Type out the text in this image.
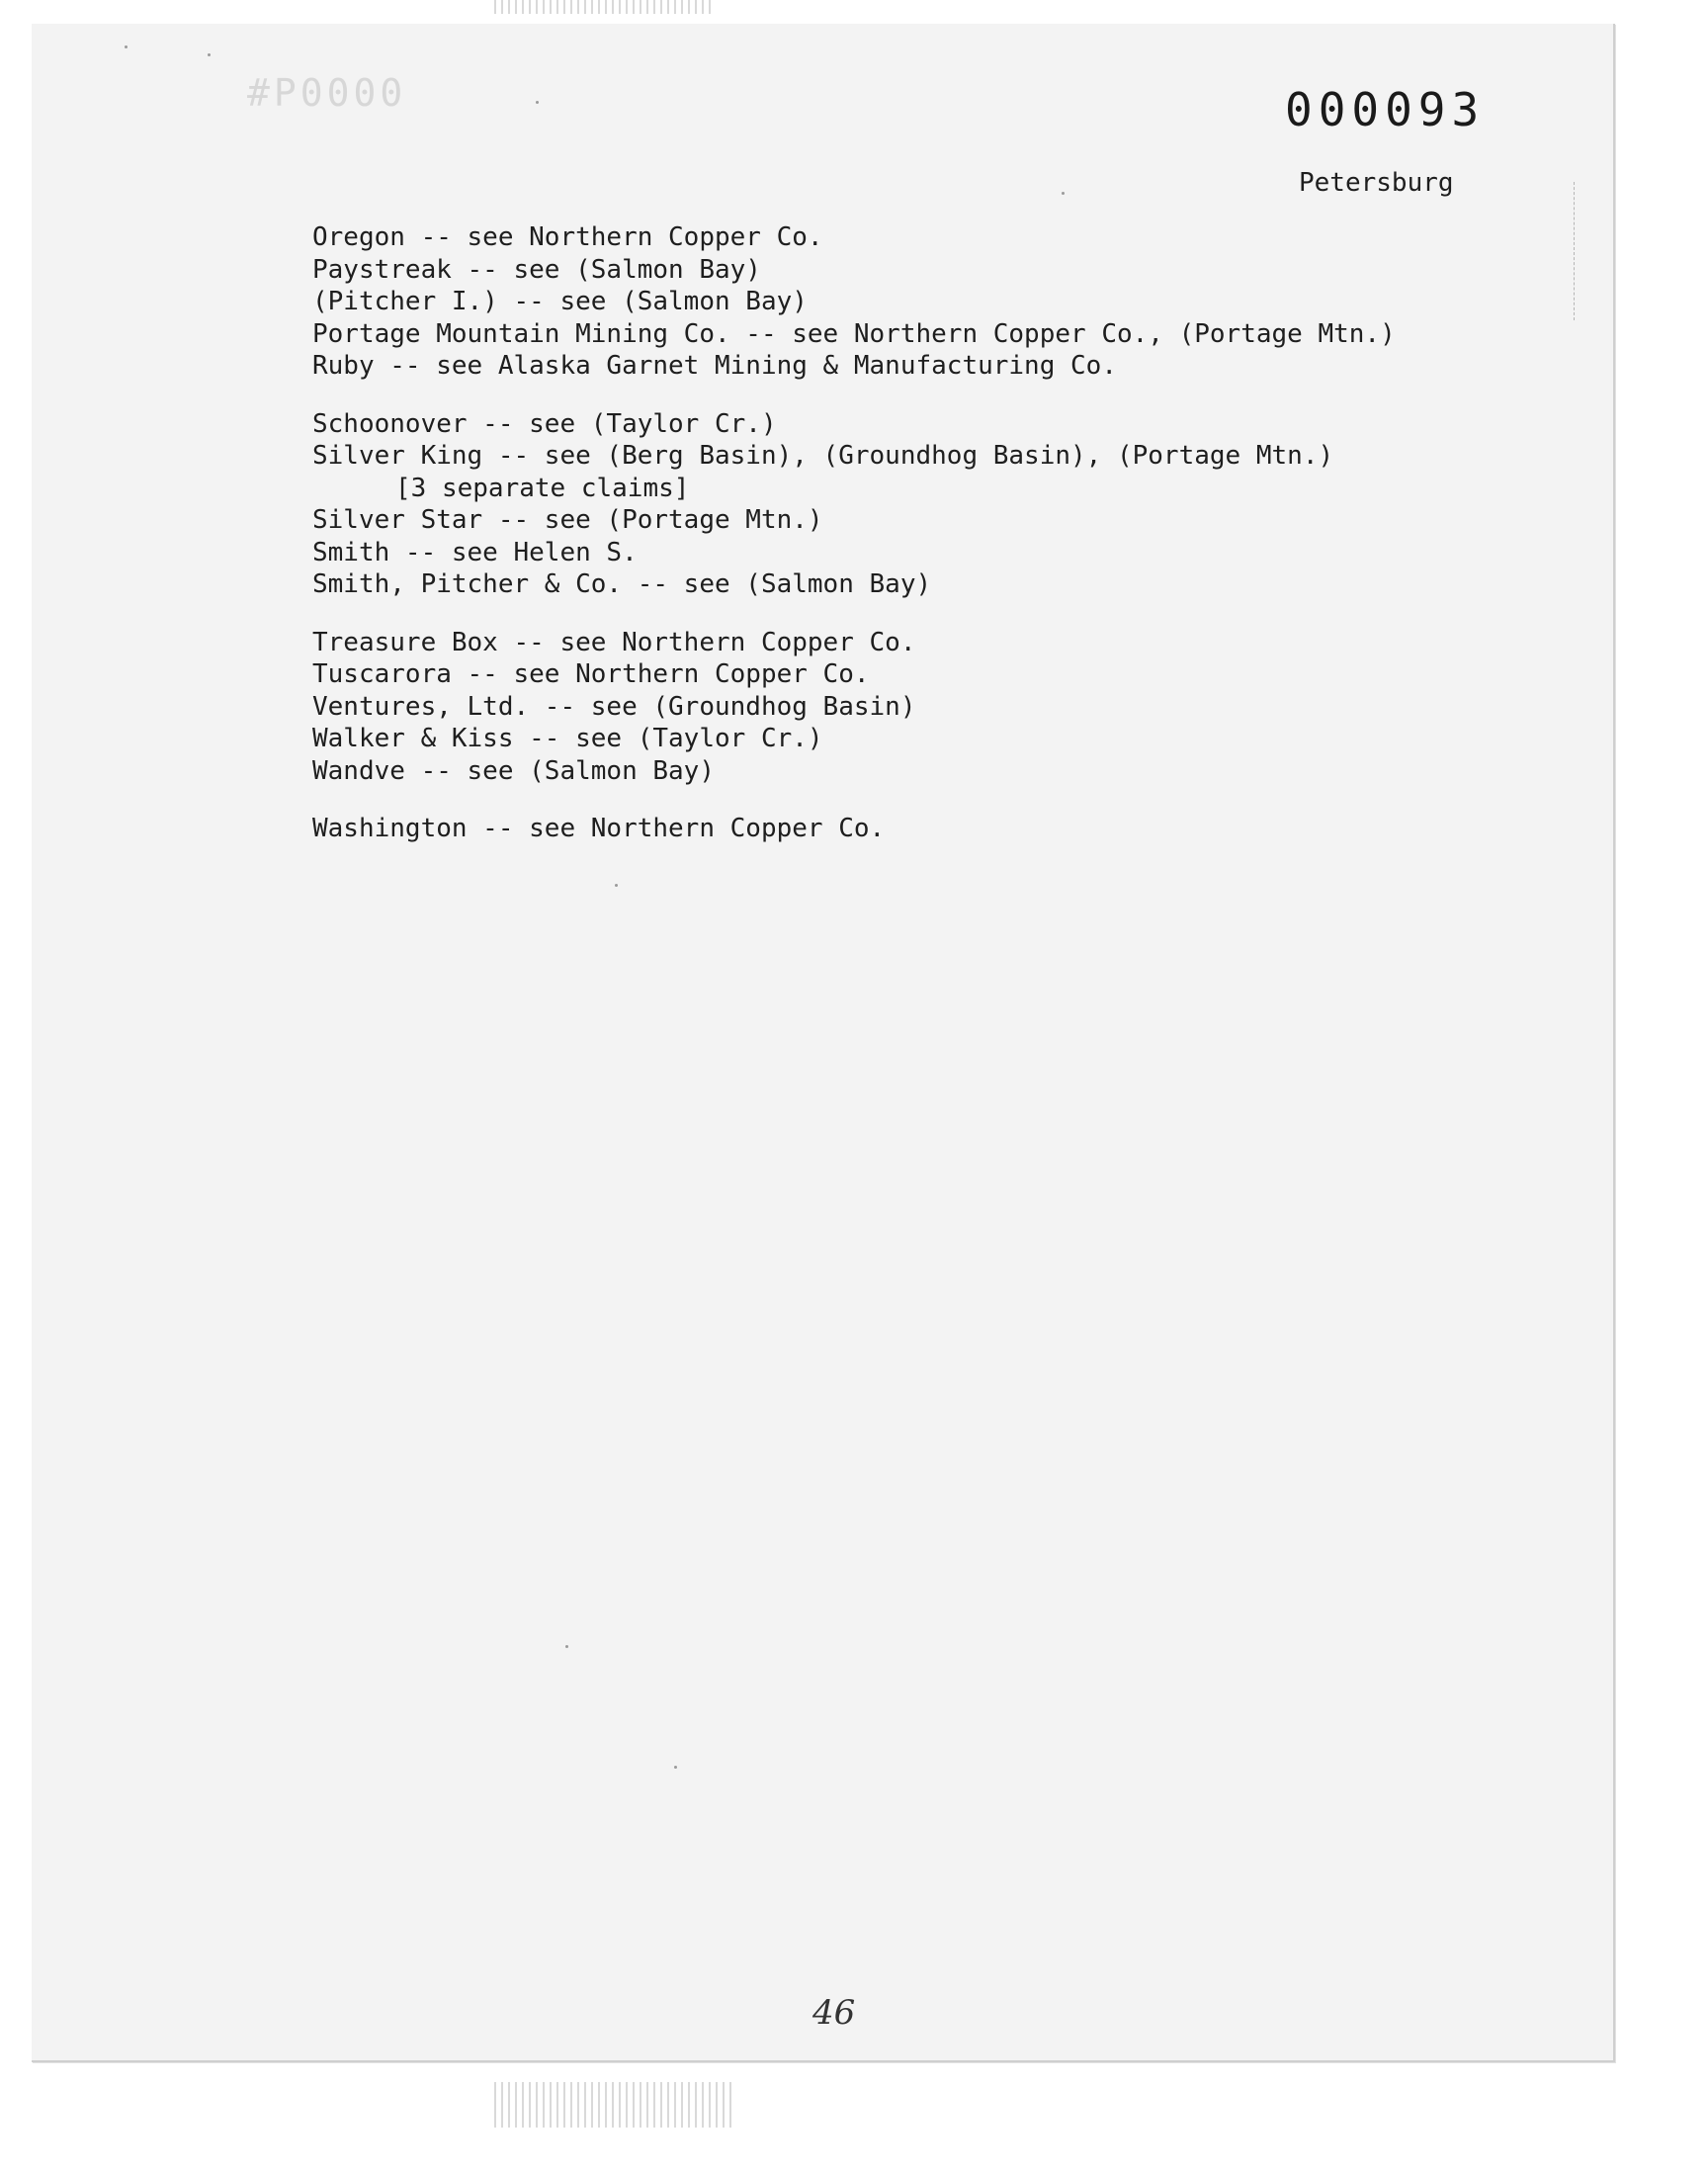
#P0000	000093
Petersburg
Oregon -- see Northern Copper Co.
Paystreak -- see (Salmon Bay)
(Pitcher I.) -- see (Salmon Bay)
Portage Mountain Mining Co. -- see Northern Copper Co., (Portage Mtn.)
Ruby -- see Alaska Garnet Mining & Manufacturing Co.
Schoonover -- see (Taylor Cr.)
Silver King -- see (Berg Basin), (Groundhog Basin), (Portage Mtn.)
[3 separate claims]
Silver Star -- see (Portage Mtn.)
Smith -- see Helen S.
Smith, Pitcher & Co. -- see (Salmon Bay)
Treasure Box -- see Northern Copper Co.
Tuscarora -- see Northern Copper Co.
Ventures, Ltd. -- see (Groundhog Basin)
Walker & Kiss -- see (Taylor Cr.)
Wandve -- see (Salmon Bay)
Washington -- see Northern Copper Co.
46
